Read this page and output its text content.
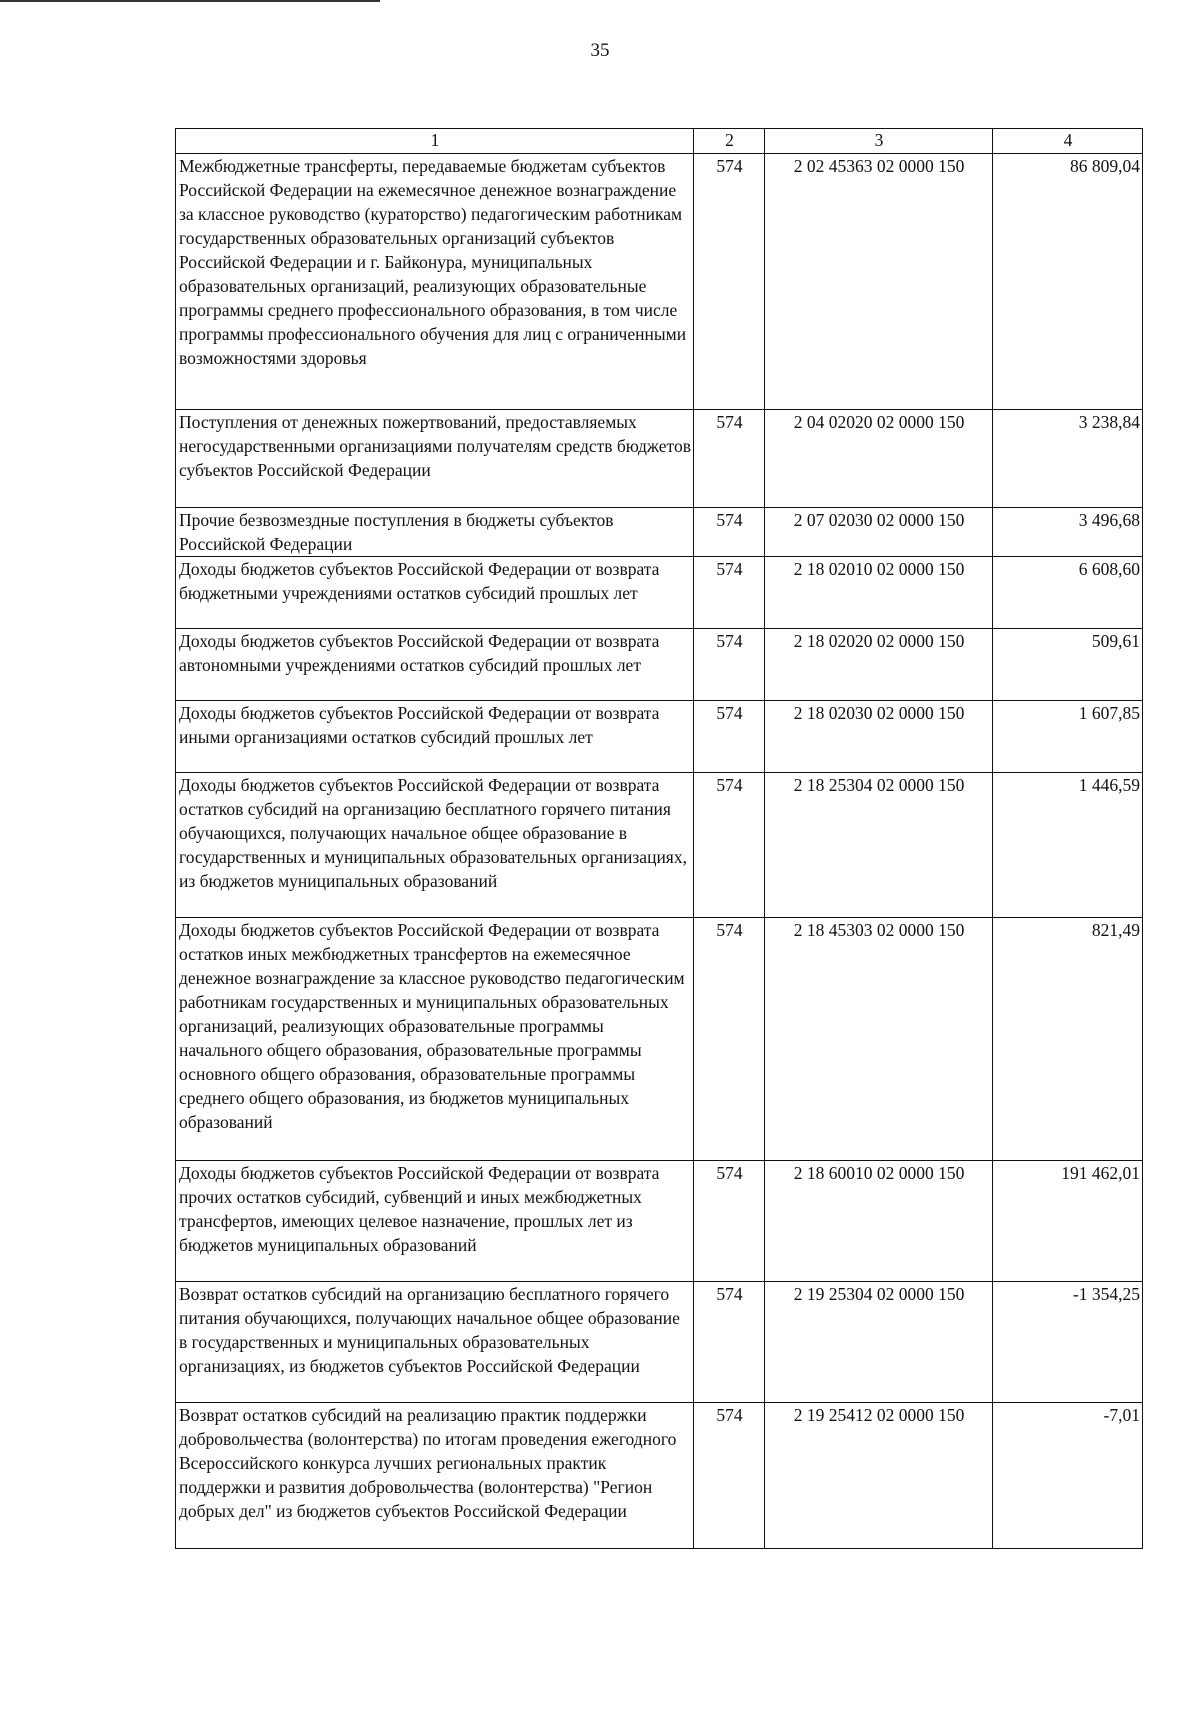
35
1	2	3	4
Межбюджетные трансферты, передаваемые бюджетам субъектов Российской Федерации на ежемесячное денежное вознаграждение за классное руководство (кураторство) педагогическим работникам государственных образовательных организаций субъектов Российской Федерации и г. Байконура, муниципальных образовательных организаций, реализующих образовательные программы среднего профессионального образования, в том числе программы профессионального обучения для лиц с ограниченными возможностями здоровья	574	2 02 45363 02 0000 150	86 809,04
Поступления от денежных пожертвований, предоставляемых негосударственными организациями получателям средств бюджетов субъектов Российской Федерации	574	2 04 02020 02 0000 150	3 238,84
Прочие безвозмездные поступления в бюджеты субъектов Российской Федерации	574	2 07 02030 02 0000 150	3 496,68
Доходы бюджетов субъектов Российской Федерации от возврата бюджетными учреждениями остатков субсидий прошлых лет	574	2 18 02010 02 0000 150	6 608,60
Доходы бюджетов субъектов Российской Федерации от возврата автономными учреждениями остатков субсидий прошлых лет	574	2 18 02020 02 0000 150	509,61
Доходы бюджетов субъектов Российской Федерации от возврата иными организациями остатков субсидий прошлых лет	574	2 18 02030 02 0000 150	1 607,85
Доходы бюджетов субъектов Российской Федерации от возврата остатков субсидий на организацию бесплатного горячего питания обучающихся, получающих начальное общее образование в государственных и муниципальных образовательных организациях, из бюджетов муниципальных образований	574	2 18 25304 02 0000 150	1 446,59
Доходы бюджетов субъектов Российской Федерации от возврата остатков иных межбюджетных трансфертов на ежемесячное денежное вознаграждение за классное руководство педагогическим работникам государственных и муниципальных образовательных организаций, реализующих образовательные программы начального общего образования, образовательные программы основного общего образования, образовательные программы среднего общего образования, из бюджетов муниципальных образований	574	2 18 45303 02 0000 150	821,49
Доходы бюджетов субъектов Российской Федерации от возврата прочих остатков субсидий, субвенций и иных межбюджетных трансфертов, имеющих целевое назначение, прошлых лет из бюджетов муниципальных образований	574	2 18 60010 02 0000 150	191 462,01
Возврат остатков субсидий на организацию бесплатного горячего питания обучающихся, получающих начальное общее образование в государственных и муниципальных образовательных организациях, из бюджетов субъектов Российской Федерации	574	2 19 25304 02 0000 150	-1 354,25
Возврат остатков субсидий на реализацию практик поддержки добровольчества (волонтерства) по итогам проведения ежегодного Всероссийского конкурса лучших региональных практик поддержки и развития добровольчества (волонтерства) "Регион добрых дел" из бюджетов субъектов Российской Федерации	574	2 19 25412 02 0000 150	-7,01
